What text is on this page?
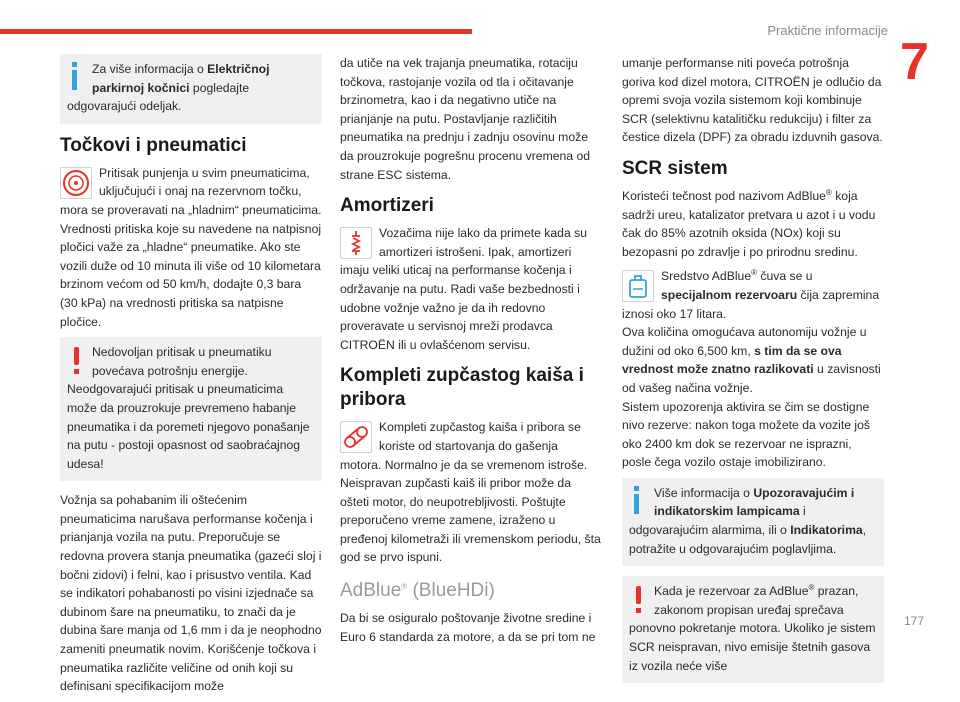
Praktične informacije
7

Za više informacija o Električnoj parkirnoj kočnici pogledajte odgovarajući odeljak.

Točkovi i pneumatici

Pritisak punjenja u svim pneumaticima, uključujući i onaj na rezervnom točku, mora se proveravati na „hladnim“ pneumaticima. Vrednosti pritiska koje su navedene na natpisnoj pločici važe za „hladne“ pneumatike. Ako ste vozili duže od 10 minuta ili više od 10 kilometara brzinom većom od 50 km/h, dodajte 0,3 bara (30 kPa) na vrednosti pritiska sa natpisne pločice.

Nedovoljan pritisak u pneumatiku povećava potrošnju energije. Neodgovarajući pritisak u pneumaticima može da prouzrokuje prevremeno habanje pneumatika i da poremeti njegovo ponašanje na putu - postoji opasnost od saobraćajnog udesa!

Vožnja sa pohabanim ili oštećenim pneumaticima narušava performanse kočenja i prianjanja vozila na putu. Preporučuje se redovna provera stanja pneumatika (gazeći sloj i bočni zidovi) i felni, kao i prisustvo ventila. Kad se indikatori pohabanosti po visini izjednače sa dubinom šare na pneumatiku, to znači da je dubina šare manja od 1,6 mm i da je neophodno zameniti pneumatik novim. Korišćenje točkova i pneumatika različite veličine od onih koji su definisani specifikacijom može

da utiče na vek trajanja pneumatika, rotaciju točkova, rastojanje vozila od tla i očitavanje brzinometra, kao i da negativno utiče na prianjanje na putu. Postavljanje različitih pneumatika na prednju i zadnju osovinu može da prouzrokuje pogrešnu procenu vremena od strane ESC sistema.

Amortizeri

Vozačima nije lako da primete kada su amortizeri istrošeni. Ipak, amortizeri imaju veliki uticaj na performanse kočenja i održavanje na putu. Radi vaše bezbednosti i udobne vožnje važno je da ih redovno proveravate u servisnoj mreži prodavca CITROËN ili u ovlašćenom servisu.

Kompleti zupčastog kaiša i pribora

Kompleti zupčastog kaiša i pribora se koriste od startovanja do gašenja motora. Normalno je da se vremenom istroše. Neispravan zupčasti kaiš ili pribor može da ošteti motor, do neupotrebljivosti. Poštujte preporučeno vreme zamene, izraženo u pređenoj kilometraži ili vremenskom periodu, šta god se prvo ispuni.

AdBlue® (BlueHDi)

Da bi se osiguralo poštovanje životne sredine i Euro 6 standarda za motore, a da se pri tom ne

umanje performanse niti poveća potrošnja goriva kod dizel motora, CITROËN je odlučio da opremi svoja vozila sistemom koji kombinuje SCR (selektivnu katalitičku redukciju) i filter za čestice dizela (DPF) za obradu izduvnih gasova.

SCR sistem

Koristeći tečnost pod nazivom AdBlue® koja sadrži ureu, katalizator pretvara u azot i u vodu čak do 85% azotnih oksida (NOx) koji su bezopasni po zdravlje i po prirodnu sredinu.

Sredstvo AdBlue® čuva se u specijalnom rezervoaru čija zapremina iznosi oko 17 litara.

Ova količina omogućava autonomiju vožnje u dužini od oko 6,500 km, s tim da se ova vrednost može znatno razlikovati u zavisnosti od vašeg načina vožnje.

Sistem upozorenja aktivira se čim se dostigne nivo rezerve: nakon toga možete da vozite još oko 2400 km dok se rezervoar ne isprazni, posle čega vozilo ostaje imobilizirano.

Više informacija o Upozoravajućim i indikatorskim lampicama i odgovarajućim alarmima, ili o Indikatorima, potražite u odgovarajućim poglavljima.

Kada je rezervoar za AdBlue® prazan, zakonom propisan uređaj sprečava ponovno pokretanje motora. Ukoliko je sistem SCR neispravan, nivo emisije štetnih gasova iz vozila neće više

177
